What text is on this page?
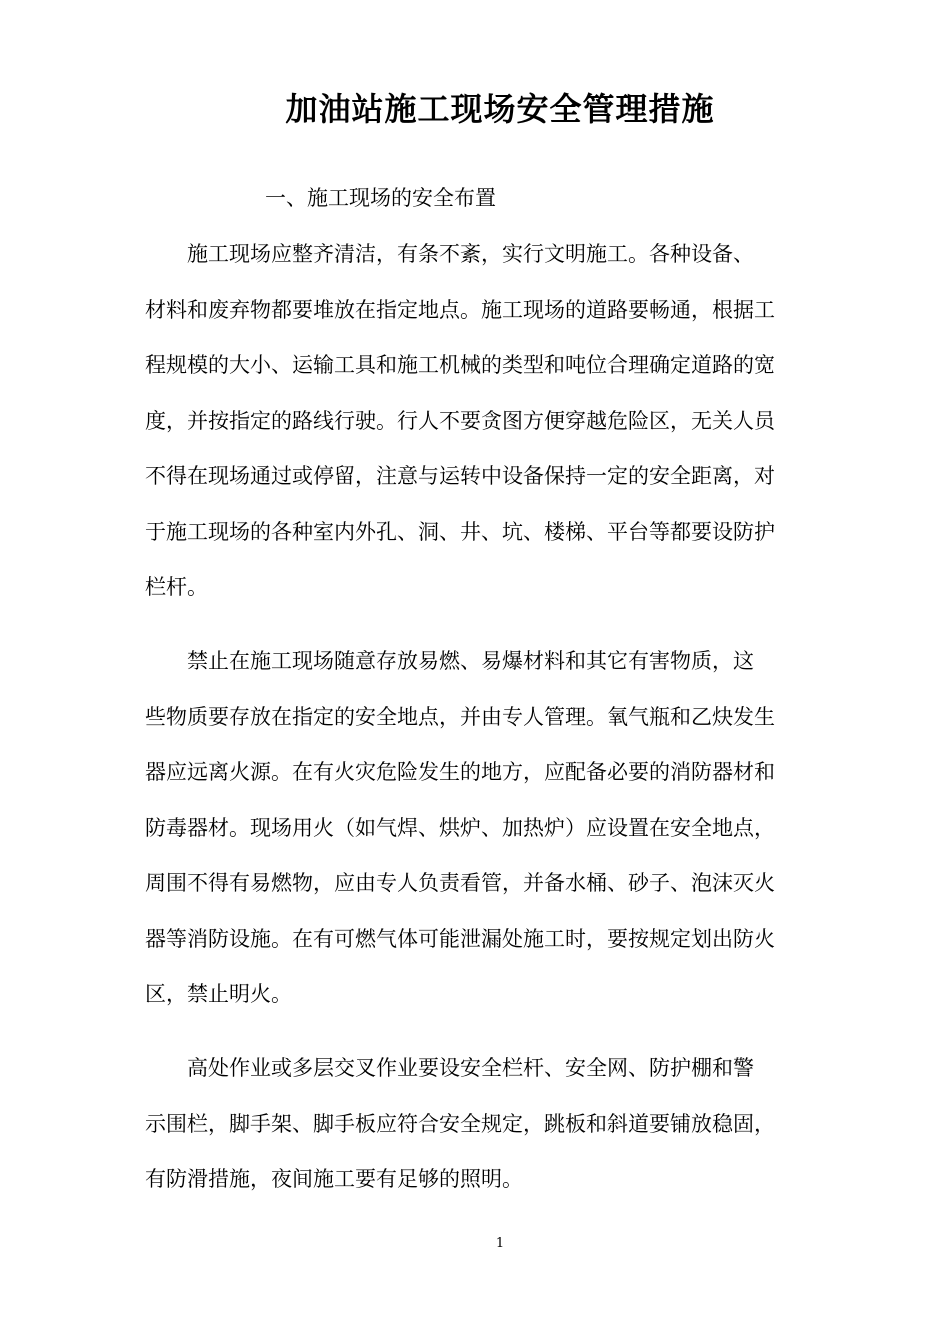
加油站施工现场安全管理措施
一、施工现场的安全布置
　　施工现场应整齐清洁，有条不紊，实行文明施工。各种设备、
材料和废弃物都要堆放在指定地点。施工现场的道路要畅通，根据工
程规模的大小、运输工具和施工机械的类型和吨位合理确定道路的宽
度，并按指定的路线行驶。行人不要贪图方便穿越危险区，无关人员
不得在现场通过或停留，注意与运转中设备保持一定的安全距离，对
于施工现场的各种室内外孔、洞、井、坑、楼梯、平台等都要设防护
栏杆。
　　禁止在施工现场随意存放易燃、易爆材料和其它有害物质，这
些物质要存放在指定的安全地点，并由专人管理。氧气瓶和乙炔发生
器应远离火源。在有火灾危险发生的地方，应配备必要的消防器材和
防毒器材。现场用火（如气焊、烘炉、加热炉）应设置在安全地点，
周围不得有易燃物，应由专人负责看管，并备水桶、砂子、泡沫灭火
器等消防设施。在有可燃气体可能泄漏处施工时，要按规定划出防火
区，禁止明火。
　　高处作业或多层交叉作业要设安全栏杆、安全网、防护棚和警
示围栏，脚手架、脚手板应符合安全规定，跳板和斜道要铺放稳固，
有防滑措施，夜间施工要有足够的照明。
1
